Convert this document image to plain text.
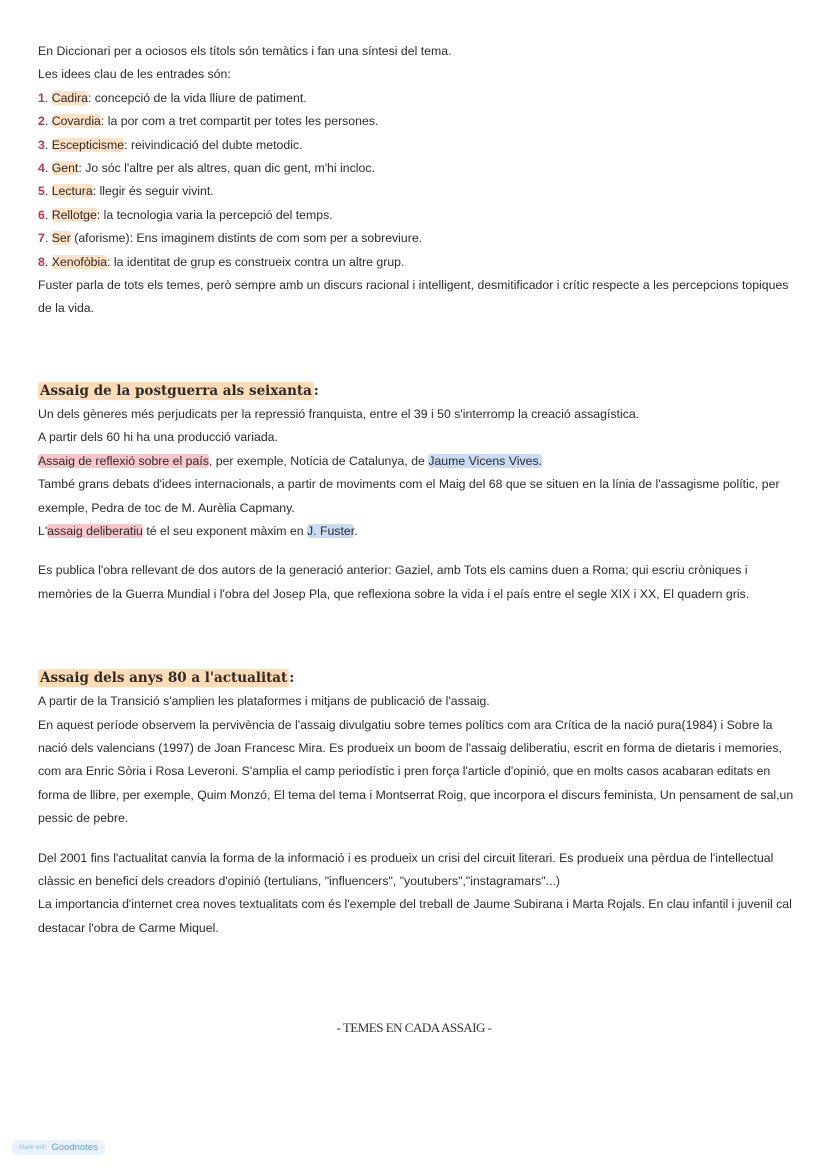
En Diccionari per a ociosos els títols són temàtics i fan una síntesi del tema.
Les idees clau de les entrades són:
1. Cadira: concepció de la vida lliure de patiment.
2. Covardia: la por com a tret compartit per totes les persones.
3. Escepticisme: reivindicació del dubte metodic.
4. Gent: Jo sóc l'altre per als altres, quan dic gent, m'hi incloc.
5. Lectura: llegir és seguir vivint.
6. Rellotge: la tecnologia varia la percepció del temps.
7. Ser (aforisme): Ens imaginem distints de com som per a sobreviure.
8. Xenofòbia: la identitat de grup es construeix contra un altre grup.
Fuster parla de tots els temes, però sempre amb un discurs racional i intelligent, desmitificador i crític respecte a les percepcions topiques de la vida.
Assaig de la postguerra als seixanta :
Un dels gèneres més perjudicats per la repressió franquista, entre el 39 i 50 s'interromp la creació assagística.
A partir dels 60 hi ha una producció variada.
Assaig de reflexió sobre el país, per exemple, Notícia de Catalunya, de Jaume Vicens Vives.
També grans debats d'idees internacionals, a partir de moviments com el Maig del 68 que se situen en la línia de l'assagisme polític, per exemple, Pedra de toc de M. Aurèlia Capmany.
L'assaig deliberatiu té el seu exponent màxim en J. Fuster.
Es publica l'obra rellevant de dos autors de la generació anterior: Gaziel, amb Tots els camins duen a Roma; qui escriu cròniques i memòries de la Guerra Mundial i l'obra del Josep Pla, que reflexiona sobre la vida i el país entre el segle XIX i XX, El quadern gris.
Assaig dels anys 80 a l'actualitat :
A partir de la Transició s'amplien les plataformes i mitjans de publicació de l'assaig.
En aquest període observem la pervivència de l'assaig divulgatiu sobre temes polítics com ara Crítica de la nació pura(1984) i Sobre la nació dels valencians (1997) de Joan Francesc Mira. Es produeix un boom de l'assaig deliberatiu, escrit en forma de dietaris i memories, com ara Enric Sòria i Rosa Leveroni. S'amplia el camp periodístic i pren força l'article d'opinió, que en molts casos acabaran editats en forma de llibre, per exemple, Quim Monzó, El tema del tema i Montserrat Roig, que incorpora el discurs feminista, Un pensament de sal,un pessic de pebre.
Del 2001 fins l'actualitat canvia la forma de la informació i es produeix un crisi del circuit literari. Es produeix una pèrdua de l'intellectual clàssic en benefici dels creadors d'opinió (tertulians, "influencers", "youtubers","instagramars"...)
La importancia d'internet crea noves textualitats com és l'exemple del treball de Jaume Subirana i Marta Rojals. En clau infantil i juvenil cal destacar l'obra de Carme Miquel.
- TEMES EN CADA ASSAIG -
Made with Goodnotes
